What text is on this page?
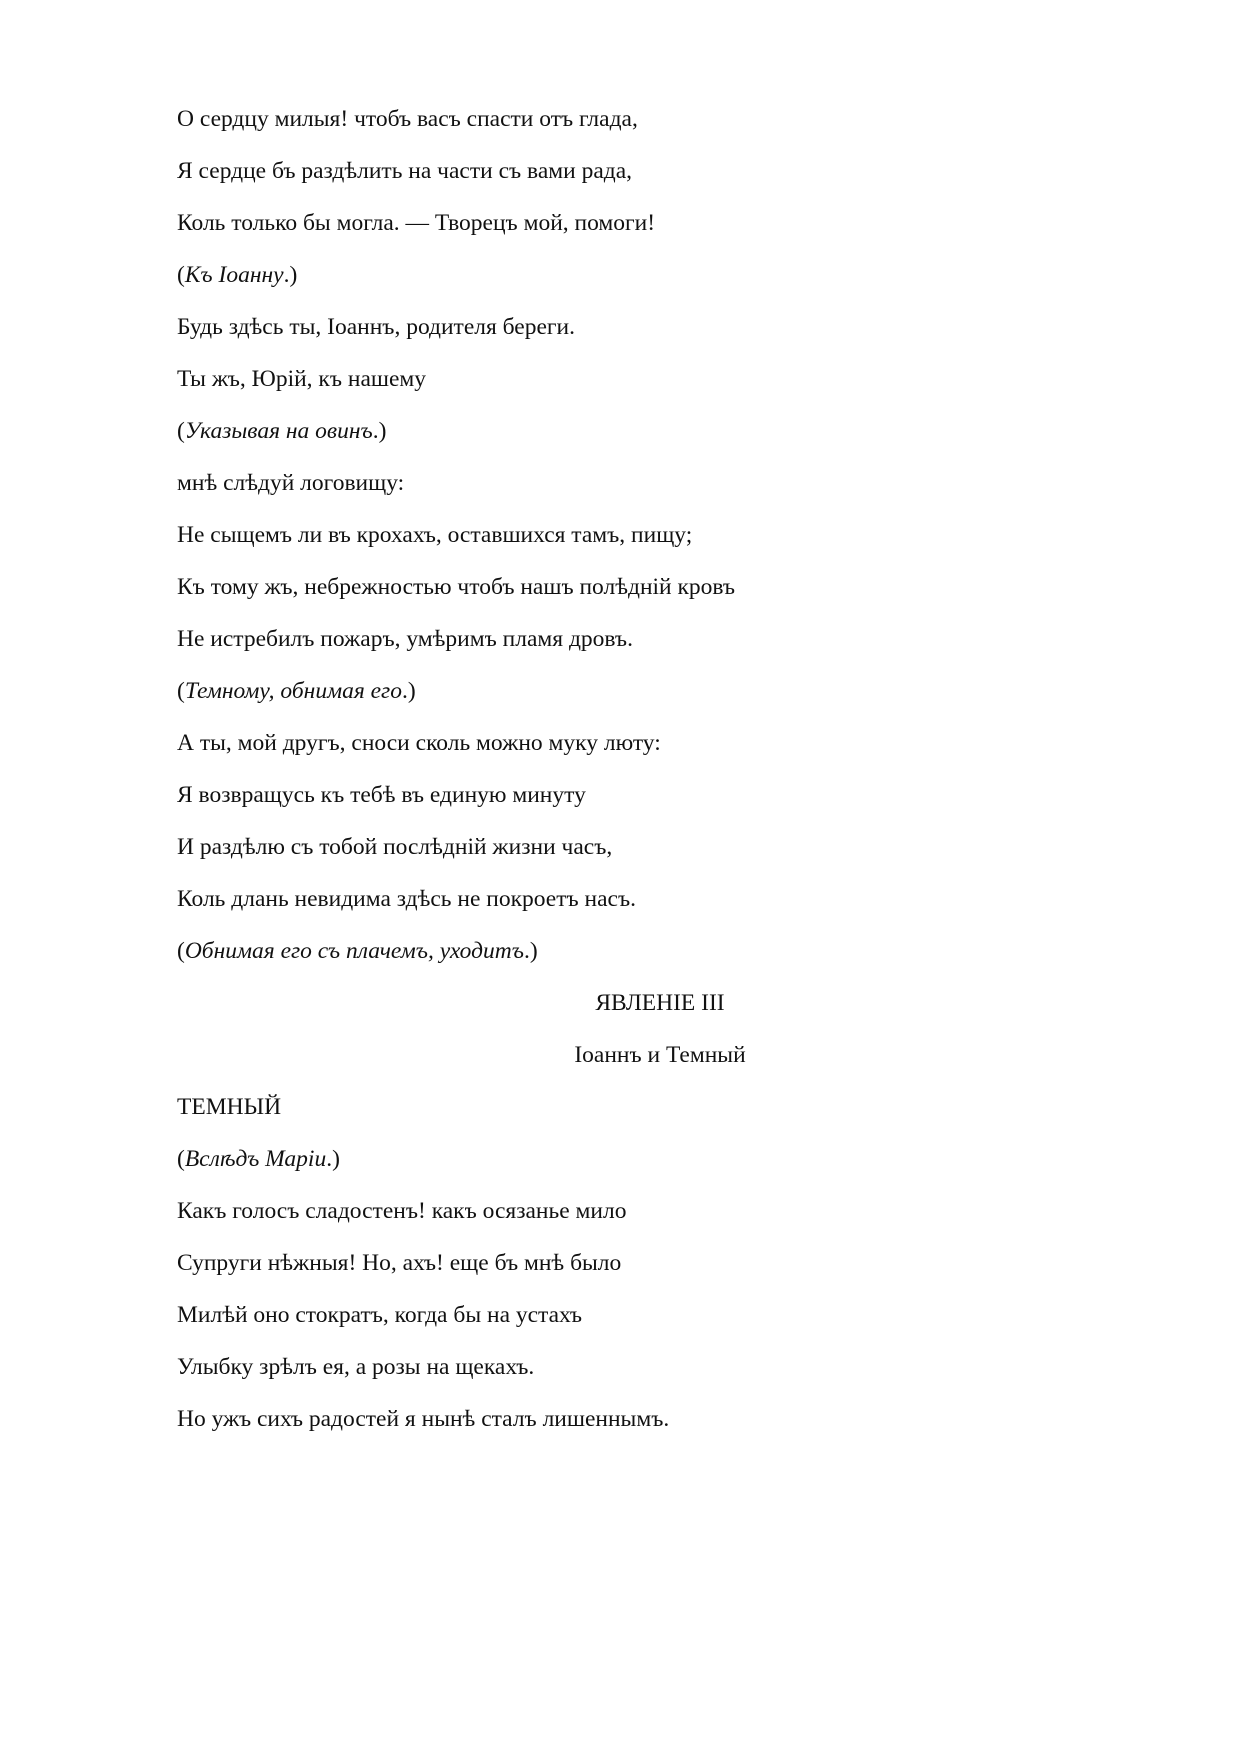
О сердцу милыя! чтобъ васъ спасти отъ глада,
Я сердце бъ раздѣлить на части съ вами рада,
Коль только бы могла. — Творецъ мой, помоги!
(Къ Іоанну.)
Будь здѣсь ты, Іоаннъ, родителя береги.
Ты жъ, Юрій, къ нашему
(Указывая на овинъ.)
мнѣ слѣдуй логовищу:
Не сыщемъ ли въ крохахъ, оставшихся тамъ, пищу;
Къ тому жъ, небрежностью чтобъ нашъ полѣднiй кровъ
Не истребилъ пожаръ, умѣримъ пламя дровъ.
(Темному, обнимая его.)
А ты, мой другъ, сноси сколь можно муку люту:
Я возвращусь къ тебѣ въ единую минуту
И раздѣлю съ тобой послѣднiй жизни часъ,
Коль длань невидима здѣсь не покроетъ насъ.
(Обнимая его съ плачемъ, уходитъ.)
ЯВЛЕНIЕ III
Іоаннъ и Темный
ТЕМНЫЙ
(Вслѣдъ Марiи.)
Какъ голосъ сладостенъ! какъ осязанье мило
Супруги нѣжныя! Но, ахъ! еще бъ мнѣ было
Милѣй оно стократъ, когда бы на устахъ
Улыбку зрѣлъ ея, а розы на щекахъ.
Но ужъ сихъ радостей я нынѣ сталъ лишеннымъ.
